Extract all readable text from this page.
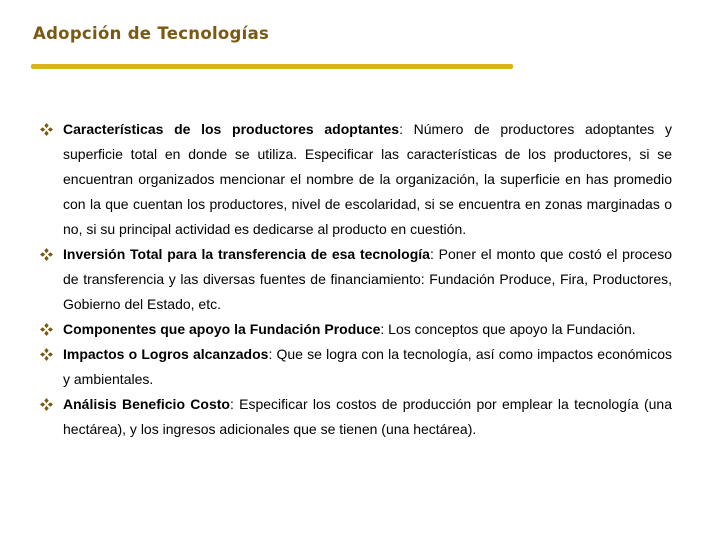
Adopción de Tecnologías
Características de los productores adoptantes: Número de productores adoptantes y superficie total en donde se utiliza. Especificar las características de los productores, si se encuentran organizados mencionar el nombre de la organización, la superficie en has promedio con la que cuentan los productores, nivel de escolaridad, si se encuentra en zonas marginadas o no, si su principal actividad es dedicarse al producto en cuestión.
Inversión Total para la transferencia de esa tecnología: Poner el monto que costó el proceso de transferencia y las diversas fuentes de financiamiento: Fundación Produce, Fira, Productores, Gobierno del Estado, etc.
Componentes que apoyo la Fundación Produce: Los conceptos que apoyo la Fundación.
Impactos o Logros alcanzados: Que se logra con la tecnología, así como impactos económicos y ambientales.
Análisis Beneficio Costo: Especificar los costos de producción por emplear la tecnología (una hectárea), y los ingresos adicionales que se tienen (una hectárea).
